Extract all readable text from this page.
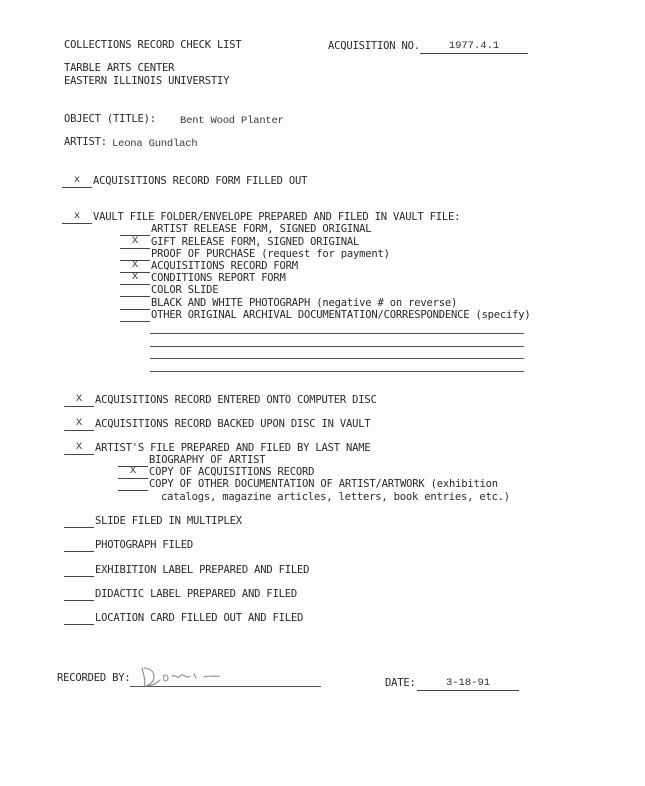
COLLECTIONS RECORD CHECK LIST	ACQUISITION NO.	1977.4.1
TARBLE ARTS CENTER
EASTERN ILLINOIS UNIVERSTIY
OBJECT (TITLE): Bent Wood Planter
ARTIST: Leona Gundlach
x	ACQUISITIONS RECORD FORM FILLED OUT
x	VAULT FILE FOLDER/ENVELOPE PREPARED AND FILED IN VAULT FILE:
ARTIST RELEASE FORM, SIGNED ORIGINAL
X	GIFT RELEASE FORM, SIGNED ORIGINAL
PROOF OF PURCHASE (request for payment)
X	ACQUISITIONS RECORD FORM
X	CONDITIONS REPORT FORM
COLOR SLIDE
BLACK AND WHITE PHOTOGRAPH (negative # on reverse)
OTHER ORIGINAL ARCHIVAL DOCUMENTATION/CORRESPONDENCE (specify)
X	ACQUISITIONS RECORD ENTERED ONTO COMPUTER DISC
X	ACQUISITIONS RECORD BACKED UPON DISC IN VAULT
X	ARTIST'S FILE PREPARED AND FILED BY LAST NAME
BIOGRAPHY OF ARTIST
X	COPY OF ACQUISITIONS RECORD
COPY OF OTHER DOCUMENTATION OF ARTIST/ARTWORK (exhibition
catalogs, magazine articles, letters, book entries, etc.)
SLIDE FILED IN MULTIPLEX
PHOTOGRAPH FILED
EXHIBITION LABEL PREPARED AND FILED
DIDACTIC LABEL PREPARED AND FILED
LOCATION CARD FILLED OUT AND FILED
RECORDED BY:	DATE:	3-18-91
